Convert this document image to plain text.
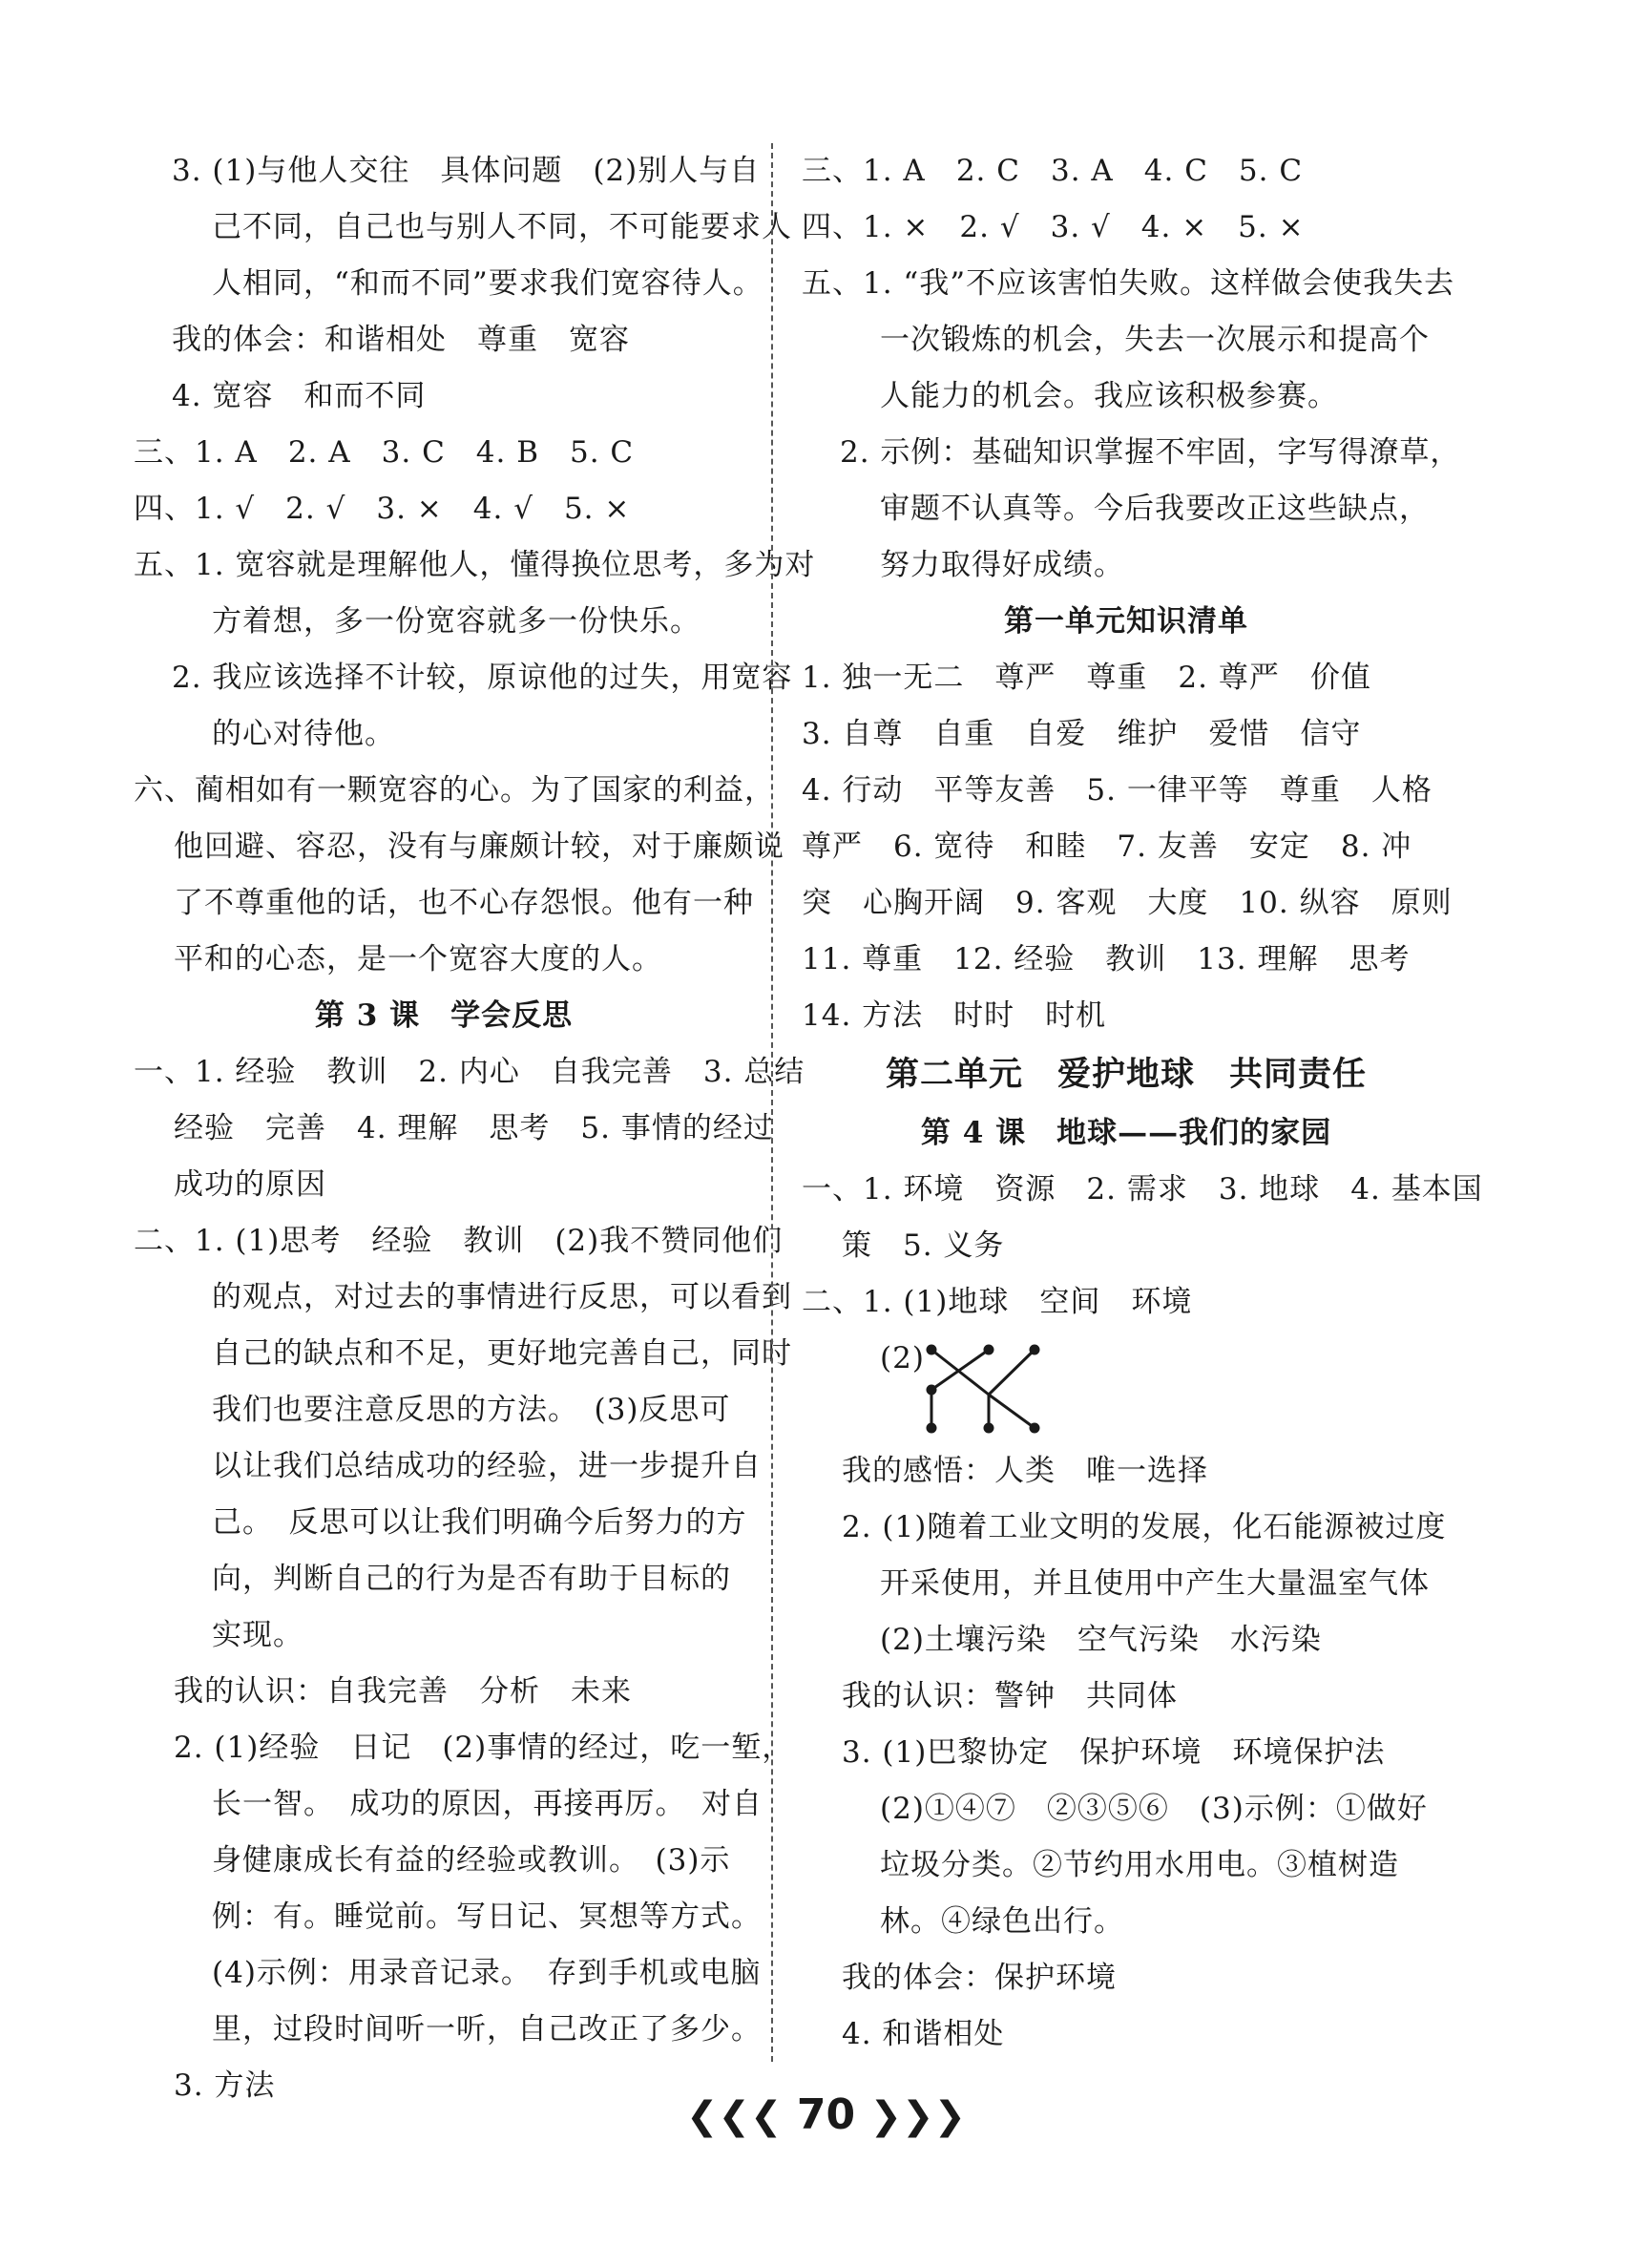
3. (1)与他人交往　具体问题　(2)别人与自
己不同，自己也与别人不同，不可能要求人
人相同，“和而不同”要求我们宽容待人。
我的体会：和谐相处　尊重　宽容
4. 宽容　和而不同
三、1. A　2. A　3. C　4. B　5. C
四、1. √　2. √　3. ×　4. √　5. ×
五、1. 宽容就是理解他人，懂得换位思考，多为对
方着想，多一份宽容就多一份快乐。
2. 我应该选择不计较，原谅他的过失，用宽容
的心对待他。
六、蔺相如有一颗宽容的心。为了国家的利益，
他回避、容忍，没有与廉颇计较，对于廉颇说
了不尊重他的话，也不心存怨恨。他有一种
平和的心态，是一个宽容大度的人。
第 3 课　学会反思
一、1. 经验　教训　2. 内心　自我完善　3. 总结
经验　完善　4. 理解　思考　5. 事情的经过
成功的原因
二、1. (1)思考　经验　教训　(2)我不赞同他们
的观点，对过去的事情进行反思，可以看到
自己的缺点和不足，更好地完善自己，同时
我们也要注意反思的方法。　(3)反思可
以让我们总结成功的经验，进一步提升自
己。　反思可以让我们明确今后努力的方
向，判断自己的行为是否有助于目标的
实现。
我的认识：自我完善　分析　未来
2. (1)经验　日记　(2)事情的经过，吃一堑，
长一智。　成功的原因，再接再厉。　对自
身健康成长有益的经验或教训。　(3)示
例：有。睡觉前。写日记、冥想等方式。
(4)示例：用录音记录。　存到手机或电脑
里，过段时间听一听，自己改正了多少。
3. 方法
三、1. A　2. C　3. A　4. C　5. C
四、1. ×　2. √　3. √　4. ×　5. ×
五、1. “我”不应该害怕失败。这样做会使我失去
一次锻炼的机会，失去一次展示和提高个
人能力的机会。我应该积极参赛。
2. 示例：基础知识掌握不牢固，字写得潦草，
审题不认真等。今后我要改正这些缺点，
努力取得好成绩。
第一单元知识清单
1. 独一无二　尊严　尊重　2. 尊严　价值
3. 自尊　自重　自爱　维护　爱惜　信守
4. 行动　平等友善　5. 一律平等　尊重　人格
尊严　6. 宽待　和睦　7. 友善　安定　8. 冲
突　心胸开阔　9. 客观　大度　10. 纵容　原则
11. 尊重　12. 经验　教训　13. 理解　思考
14. 方法　时时　时机
第二单元　爱护地球　共同责任
第 4 课　地球——我们的家园
一、1. 环境　资源　2. 需求　3. 地球　4. 基本国
策　5. 义务
二、1. (1)地球　空间　环境
(2)
我的感悟：人类　唯一选择
2. (1)随着工业文明的发展，化石能源被过度
开采使用，并且使用中产生大量温室气体
(2)土壤污染　空气污染　水污染
我的认识：警钟　共同体
3. (1)巴黎协定　保护环境　环境保护法
(2)①④⑦　②③⑤⑥　(3)示例：①做好
垃圾分类。②节约用水用电。③植树造
林。④绿色出行。
我的体会：保护环境
4. 和谐相处
❮❮❮ 70 ❯❯❯
